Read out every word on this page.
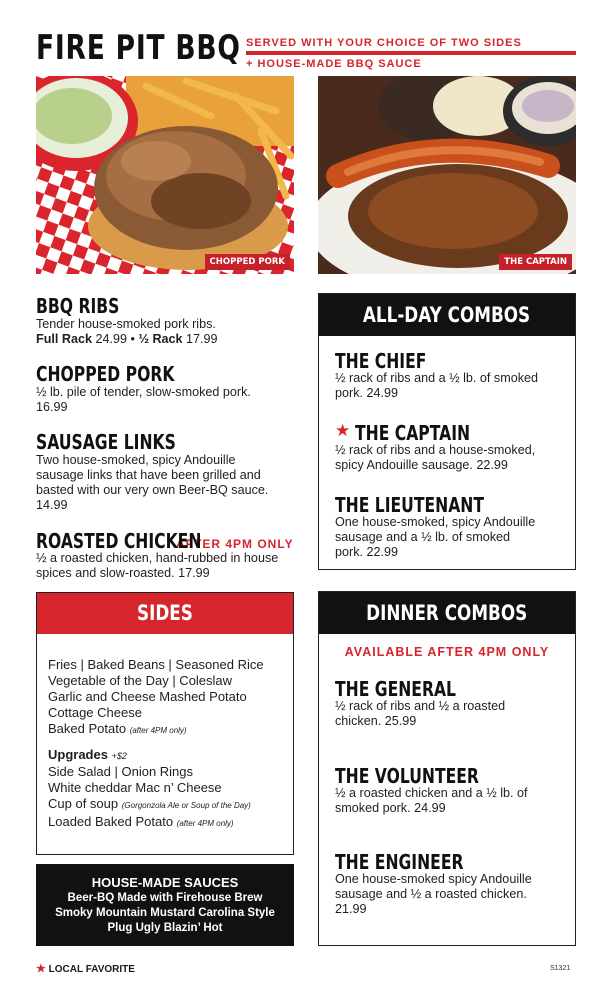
FIRE PIT BBQ SERVED WITH YOUR CHOICE OF TWO SIDES
+ HOUSE-MADE BBQ SAUCE
CHOPPED PORK	THE CAPTAIN
BBQ RIBS
Tender house-smoked pork ribs.
Full Rack 24.99 • ½ Rack 17.99
CHOPPED PORK
½ lb. pile of tender, slow-smoked pork.
16.99
SAUSAGE LINKS
Two house-smoked, spicy Andouille
sausage links that have been grilled and
basted with our very own Beer-BQ sauce.
14.99
ROASTED CHICKENAFTER 4PM ONLY
½ a roasted chicken, hand-rubbed in house
spices and slow-roasted. 17.99
ALL-DAY COMBOS
THE CHIEF
½ rack of ribs and a ½ lb. of smoked
pork. 24.99
★ THE CAPTAIN
½ rack of ribs and a house-smoked,
spicy Andouille sausage. 22.99
THE LIEUTENANT
One house-smoked, spicy Andouille
sausage and a ½ lb. of smoked
pork. 22.99
SIDES
Fries | Baked Beans | Seasoned Rice
Vegetable of the Day | Coleslaw
Garlic and Cheese Mashed Potato
Cottage Cheese
Baked Potato (after 4PM only)
Upgrades +$2
Side Salad | Onion Rings
White cheddar Mac n’ Cheese
Cup of soup (Gorgonzola Ale or Soup of the Day)
Loaded Baked Potato (after 4PM only)
HOUSE-MADE SAUCES
Beer-BQ Made with Firehouse Brew
Smoky Mountain Mustard Carolina Style
Plug Ugly Blazin’ Hot
DINNER COMBOS
AVAILABLE AFTER 4PM ONLY
THE GENERAL
½ rack of ribs and ½ a roasted
chicken. 25.99
THE VOLUNTEER
½ a roasted chicken and a ½ lb. of
smoked pork. 24.99
THE ENGINEER
One house-smoked spicy Andouille
sausage and ½ a roasted chicken.
21.99
★ LOCAL FAVORITE	S1321
